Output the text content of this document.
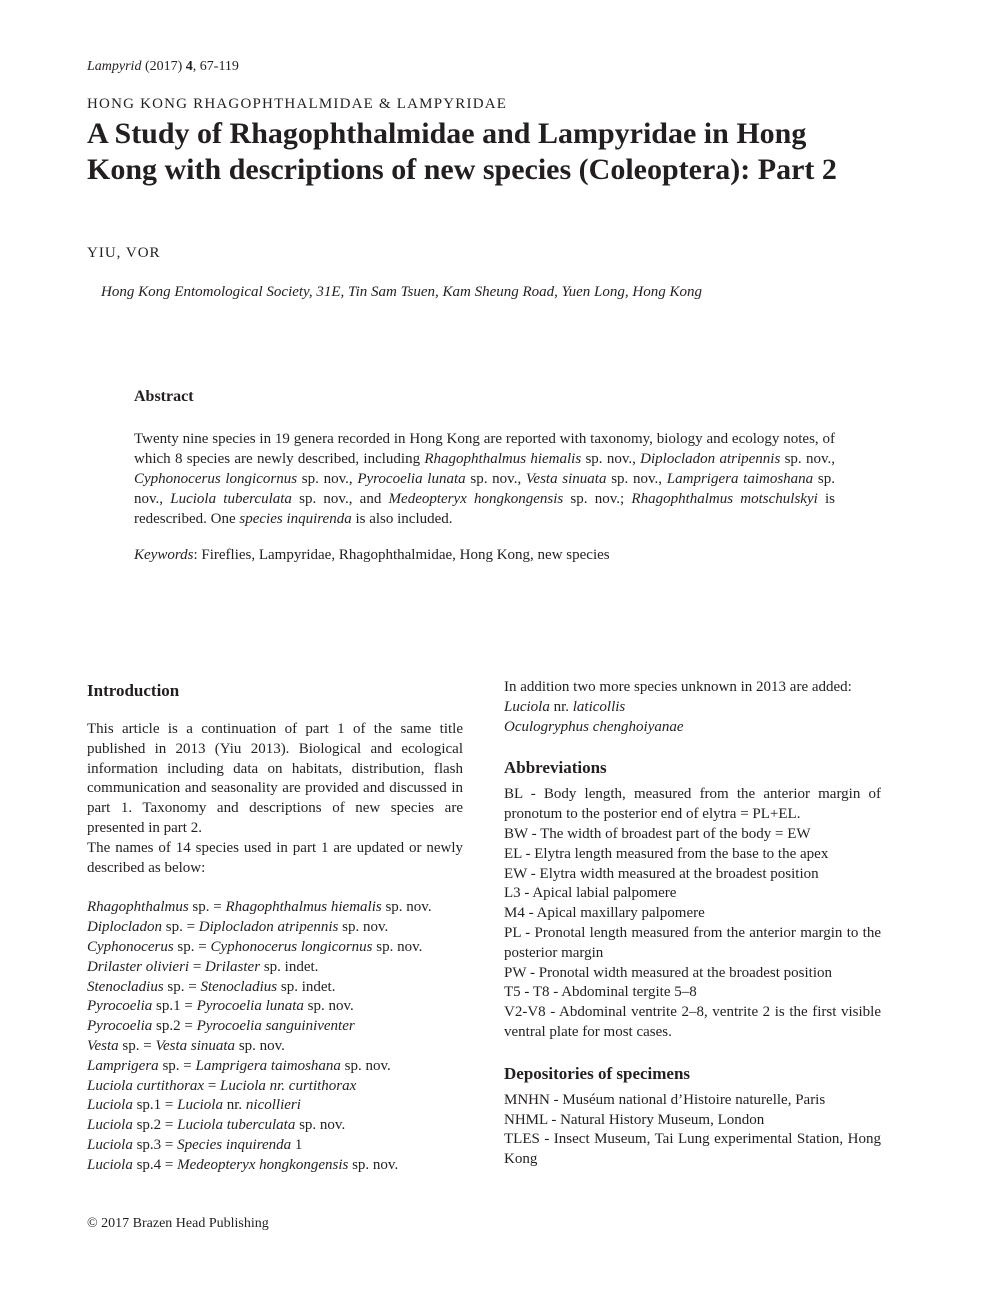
Lampyrid (2017) 4, 67-119
HONG KONG RHAGOPHTHALMIDAE & LAMPYRIDAE
A Study of Rhagophthalmidae and Lampyridae in Hong Kong with descriptions of new species (Coleoptera): Part 2
YIU, VOR
Hong Kong Entomological Society, 31E, Tin Sam Tsuen, Kam Sheung Road, Yuen Long, Hong Kong
Abstract
Twenty nine species in 19 genera recorded in Hong Kong are reported with taxonomy, biology and ecology notes, of which 8 species are newly described, including Rhagophthalmus hiemalis sp. nov., Diplocladon atripennis sp. nov., Cyphonocerus longicornus sp. nov., Pyrocoelia lunata sp. nov., Vesta sinuata sp. nov., Lamprigera taimoshana sp. nov., Luciola tuberculata sp. nov., and Medeopteryx hongkongensis sp. nov.; Rhagophthalmus motschulskyi is redescribed. One species inquirenda is also included.
Keywords: Fireflies, Lampyridae, Rhagophthalmidae, Hong Kong, new species
Introduction

This article is a continuation of part 1 of the same title published in 2013 (Yiu 2013). Biological and ecological information including data on habitats, distribution, flash communication and seasonality are provided and discussed in part 1. Taxonomy and descriptions of new species are presented in part 2.

The names of 14 species used in part 1 are updated or newly described as below:

Rhagophthalmus sp. = Rhagophthalmus hiemalis sp. nov.
Diplocladon sp. = Diplocladon atripennis sp. nov.
Cyphonocerus sp. = Cyphonocerus longicornus sp. nov.
Drilaster olivieri = Drilaster sp. indet.
Stenocladius sp. = Stenocladius sp. indet.
Pyrocoelia sp.1 = Pyrocoelia lunata sp. nov.
Pyrocoelia sp.2 = Pyrocoelia sanguiniventer
Vesta sp. = Vesta sinuata sp. nov.
Lamprigera sp. = Lamprigera taimoshana sp. nov.
Luciola curtithorax = Luciola nr. curtithorax
Luciola sp.1 = Luciola nr. nicollieri
Luciola sp.2 = Luciola tuberculata sp. nov.
Luciola sp.3 = Species inquirenda 1
Luciola sp.4 = Medeopteryx hongkongensis sp. nov.

In addition two more species unknown in 2013 are added:

Luciola nr. laticollis

Oculogryphus chenghoiyanae

Abbreviations

BL - Body length, measured from the anterior margin of pronotum to the posterior end of elytra = PL+EL.

BW - The width of broadest part of the body = EW

EL - Elytra length measured from the base to the apex

EW - Elytra width measured at the broadest position

L3 - Apical labial palpomere

M4 - Apical maxillary palpomere

PL - Pronotal length measured from the anterior margin to the posterior margin

PW - Pronotal width measured at the broadest position

T5 - T8 - Abdominal tergite 5–8

V2-V8 - Abdominal ventrite 2–8, ventrite 2 is the first visible ventral plate for most cases.

Depositories of specimens

MNHN - Muséum national d’Histoire naturelle, Paris

NHML - Natural History Museum, London

TLES - Insect Museum, Tai Lung experimental Station, Hong Kong

© 2017 Brazen Head Publishing
